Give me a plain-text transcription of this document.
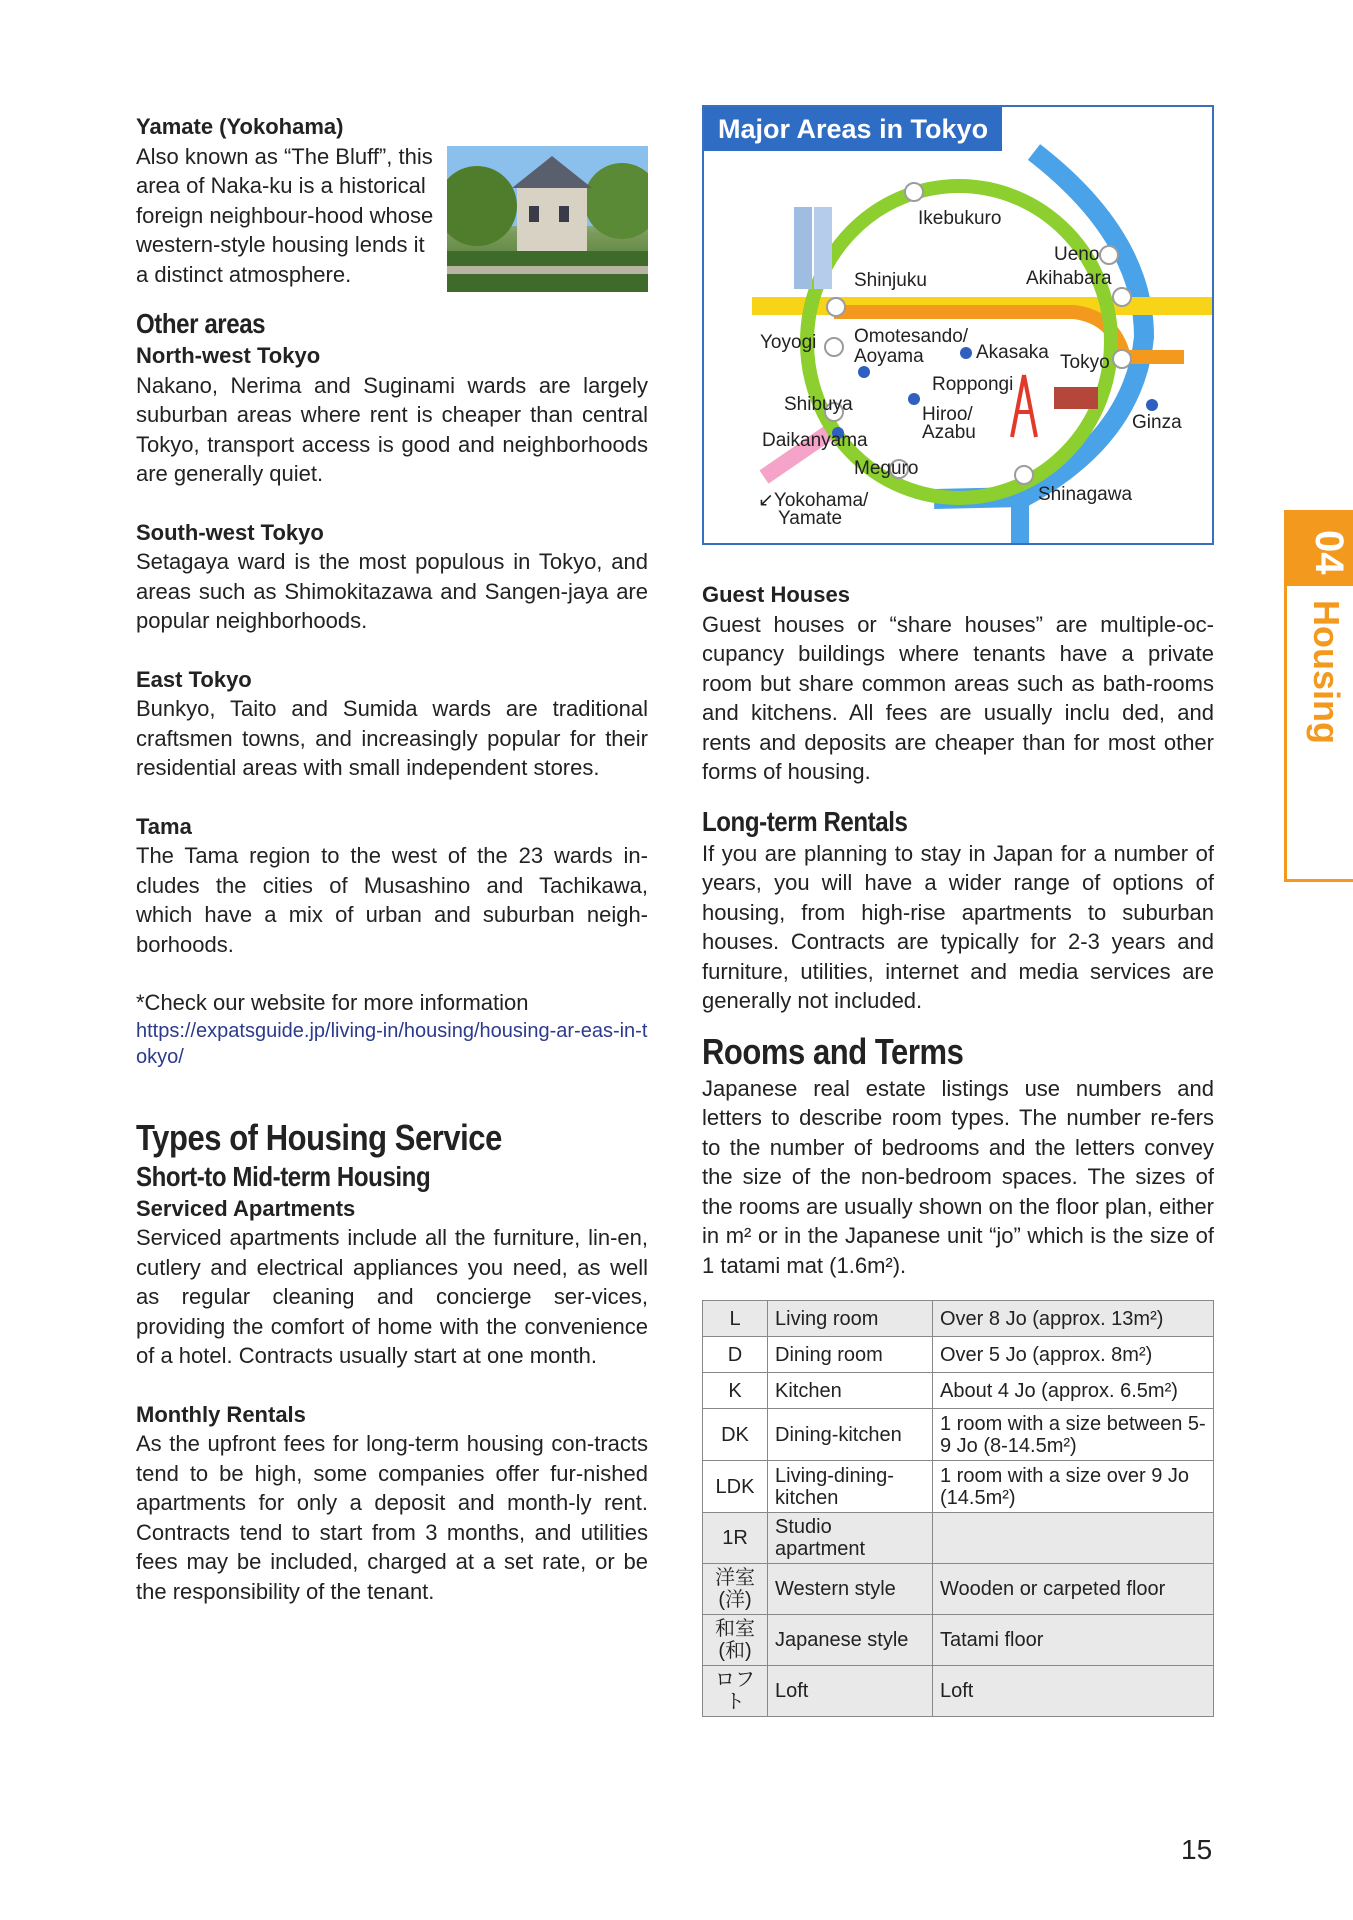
Yamate (Yokohama)

Also known as “The Bluff”, this area of Naka-ku is a historical foreign neighbour-hood whose western-style housing lends it a distinct atmosphere.

Other areas
North-west Tokyo

Nakano, Nerima and Suginami wards are largely suburban areas where rent is cheaper than central Tokyo, transport access is good and neighborhoods are generally quiet.

South-west Tokyo

Setagaya ward is the most populous in Tokyo, and areas such as Shimokitazawa and Sangen-jaya are popular neighborhoods.

East Tokyo

Bunkyo, Taito and Sumida wards are traditional craftsmen towns, and increasingly popular for their residential areas with small independent stores.

Tama

The Tama region to the west of the 23 wards in-cludes the cities of Musashino and Tachikawa, which have a mix of urban and suburban neigh-borhoods.

*Check our website for more information

https://expatsguide.jp/living-in/housing/housing-ar-eas-in-tokyo/
Types of Housing Service
Short-to Mid-term Housing
Serviced Apartments

Serviced apartments include all the furniture, lin-en, cutlery and electrical appliances you need, as well as regular cleaning and concierge ser-vices, providing the comfort of home with the convenience of a hotel. Contracts usually start at one month.

Monthly Rentals

As the upfront fees for long-term housing con-tracts tend to be high, some companies offer fur-nished apartments for only a deposit and month-ly rent. Contracts tend to start from 3 months, and utilities fees may be included, charged at a set rate, or be the responsibility of the tenant.

Major Areas in Tokyo
Ikebukuro
Ueno
Akihabara
Shinjuku
Yoyogi Omotesando/
Aoyama	Akasaka Tokyo
Roppongi
Shibuya	Hiroo/
Azabu	Ginza
Daikanyama
Meguro
Shinagawa
↙Yokohama/
Yamate
Guest Houses

Guest houses or “share houses” are multiple-oc-cupancy buildings where tenants have a private room but share common areas such as bath-rooms and kitchens. All fees are usually inclu ded, and rents and deposits are cheaper than for most other forms of housing.

Long-term Rentals

If you are planning to stay in Japan for a number of years, you will have a wider range of options of housing, from high-rise apartments to suburban houses. Contracts are typically for 2-3 years and furniture, utilities, internet and media services are generally not included.

Rooms and Terms

Japanese real estate listings use numbers and letters to describe room types. The number re-fers to the number of bedrooms and the letters convey the size of the non-bedroom spaces. The sizes of the rooms are usually shown on the floor plan, either in m² or in the Japanese unit “jo” which is the size of 1 tatami mat (1.6m²).

L	Living room	Over 8 Jo (approx. 13m²)
D	Dining room	Over 5 Jo (approx. 8m²)
K	Kitchen	About 4 Jo (approx. 6.5m²)
DK	Dining-kitchen	1 room with a size between 5-9 Jo (8-14.5m²)
LDK	Living-dining-kitchen	1 room with a size over 9 Jo (14.5m²)
1R	Studio apartment	
洋室(洋)	Western style	Wooden or carpeted floor
和室(和)	Japanese style	Tatami floor
ロフト	Loft	Loft
04
Housing
15
